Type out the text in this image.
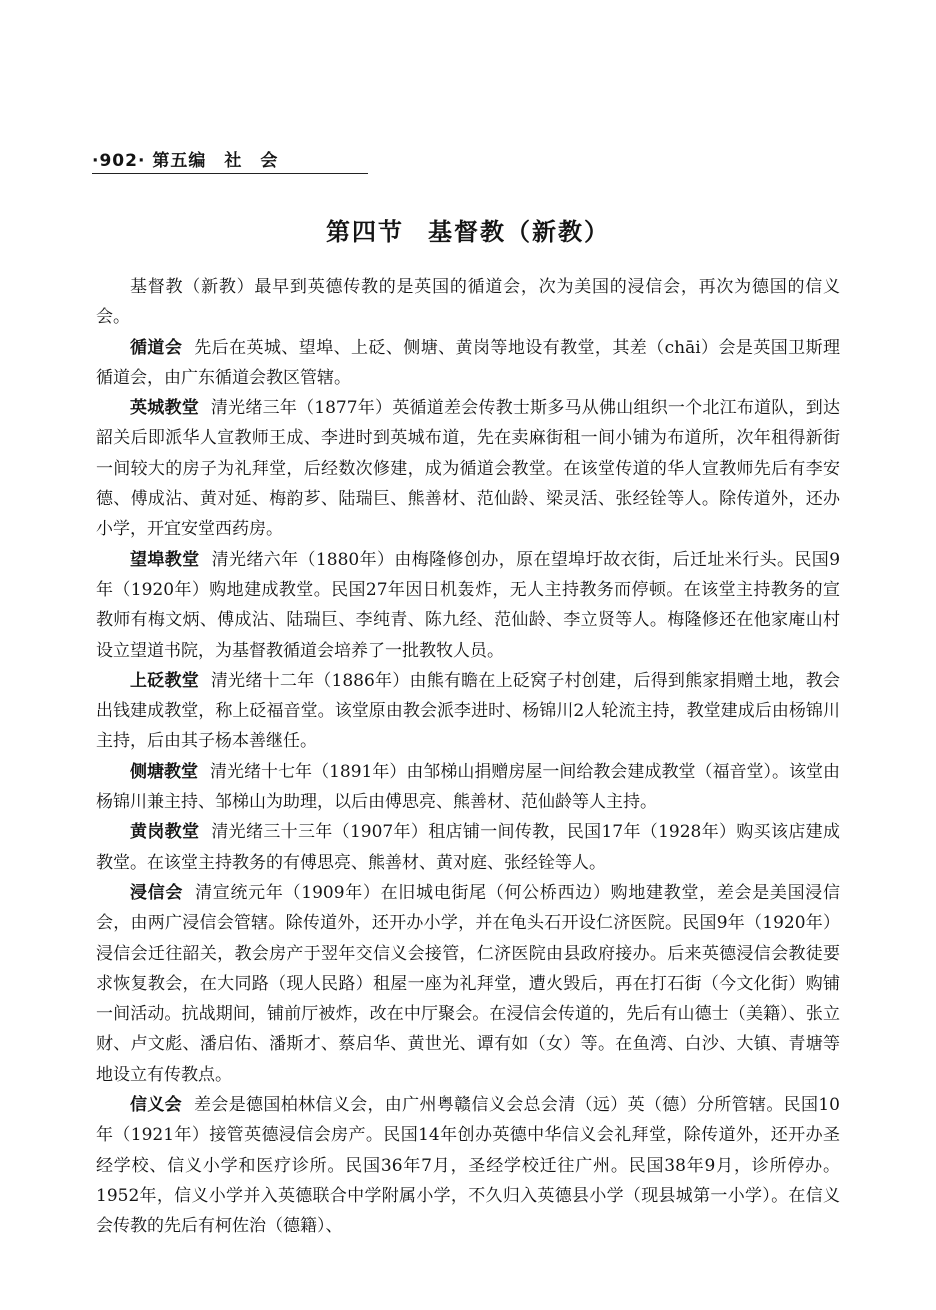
·902· 第五编　社　会
第四节 基督教（新教）

基督教（新教）最早到英德传教的是英国的循道会，次为美国的浸信会，再次为德国的信义会。

循道会 先后在英城、望埠、上砭、侧塘、黄岗等地设有教堂，其差（chāi）会是英国卫斯理循道会，由广东循道会教区管辖。

英城教堂 清光绪三年（1877年）英循道差会传教士斯多马从佛山组织一个北江布道队，到达韶关后即派华人宣教师王成、李进时到英城布道，先在卖麻街租一间小铺为布道所，次年租得新街一间较大的房子为礼拜堂，后经数次修建，成为循道会教堂。在该堂传道的华人宣教师先后有李安德、傅成沾、黄对延、梅韵芗、陆瑞巨、熊善材、范仙龄、梁灵活、张经铨等人。除传道外，还办小学，开宜安堂西药房。

望埠教堂 清光绪六年（1880年）由梅隆修创办，原在望埠圩故衣街，后迁址米行头。民国9年（1920年）购地建成教堂。民国27年因日机轰炸，无人主持教务而停顿。在该堂主持教务的宣教师有梅文炳、傅成沾、陆瑞巨、李纯青、陈九经、范仙龄、李立贤等人。梅隆修还在他家庵山村设立望道书院，为基督教循道会培养了一批教牧人员。

上砭教堂 清光绪十二年（1886年）由熊有瞻在上砭窝子村创建，后得到熊家捐赠土地，教会出钱建成教堂，称上砭福音堂。该堂原由教会派李进时、杨锦川2人轮流主持，教堂建成后由杨锦川主持，后由其子杨本善继任。

侧塘教堂 清光绪十七年（1891年）由邹梯山捐赠房屋一间给教会建成教堂（福音堂）。该堂由杨锦川兼主持、邹梯山为助理，以后由傅思亮、熊善材、范仙龄等人主持。

黄岗教堂 清光绪三十三年（1907年）租店铺一间传教，民国17年（1928年）购买该店建成教堂。在该堂主持教务的有傅思亮、熊善材、黄对庭、张经铨等人。

浸信会 清宣统元年（1909年）在旧城电街尾（何公桥西边）购地建教堂，差会是美国浸信会，由两广浸信会管辖。除传道外，还开办小学，并在龟头石开设仁济医院。民国9年（1920年）浸信会迁往韶关，教会房产于翌年交信义会接管，仁济医院由县政府接办。后来英德浸信会教徒要求恢复教会，在大同路（现人民路）租屋一座为礼拜堂，遭火毁后，再在打石街（今文化街）购铺一间活动。抗战期间，铺前厅被炸，改在中厅聚会。在浸信会传道的，先后有山德士（美籍）、张立财、卢文彪、潘启佑、潘斯才、蔡启华、黄世光、谭有如（女）等。在鱼湾、白沙、大镇、青塘等地设立有传教点。

信义会 差会是德国柏林信义会，由广州粤赣信义会总会清（远）英（德）分所管辖。民国10年（1921年）接管英德浸信会房产。民国14年创办英德中华信义会礼拜堂，除传道外，还开办圣经学校、信义小学和医疗诊所。民国36年7月，圣经学校迁往广州。民国38年9月，诊所停办。1952年，信义小学并入英德联合中学附属小学，不久归入英德县小学（现县城第一小学）。在信义会传教的先后有柯佐治（德籍）、
